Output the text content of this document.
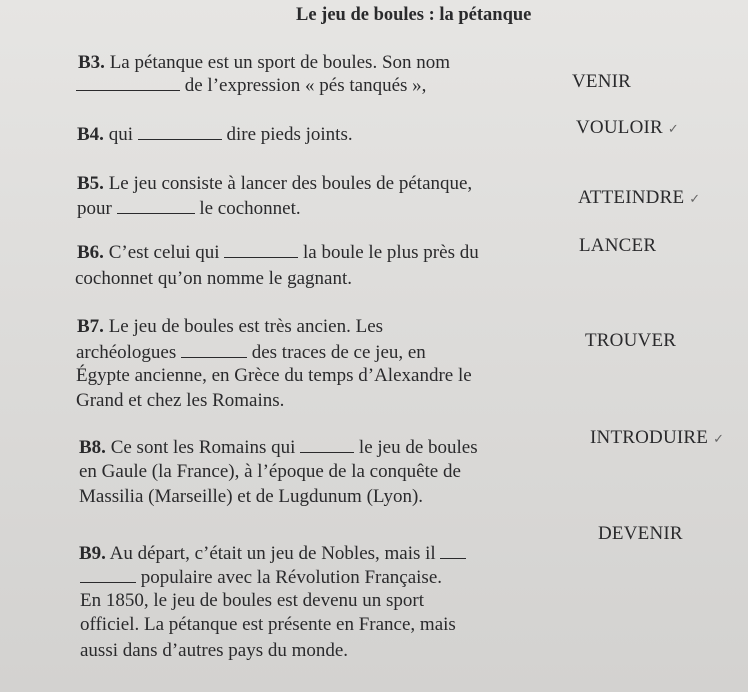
Le jeu de boules : la pétanque
B3. La pétanque est un sport de boules. Son nom
de l’expression « pés tanqués »,	VENIR
B4. qui	dire pieds joints.	VOULOIR ✓
B5. Le jeu consiste à lancer des boules de pétanque,
pour	le cochonnet.
ATTEINDRE ✓
B6. C’est celui qui	la boule le plus près du
cochonnet qu’on nomme le gagnant.
LANCER
B7. Le jeu de boules est très ancien. Les
archéologues	des traces de ce jeu, en
Égypte ancienne, en Grèce du temps d’Alexandre le
Grand et chez les Romains.
TROUVER
B8. Ce sont les Romains qui	le jeu de boules
en Gaule (la France), à l’époque de la conquête de
Massilia (Marseille) et de Lugdunum (Lyon).
INTRODUIRE ✓
B9. Au départ, c’était un jeu de Nobles, mais il
populaire avec la Révolution Française.
En 1850, le jeu de boules est devenu un sport
officiel. La pétanque est présente en France, mais
aussi dans d’autres pays du monde.
DEVENIR
